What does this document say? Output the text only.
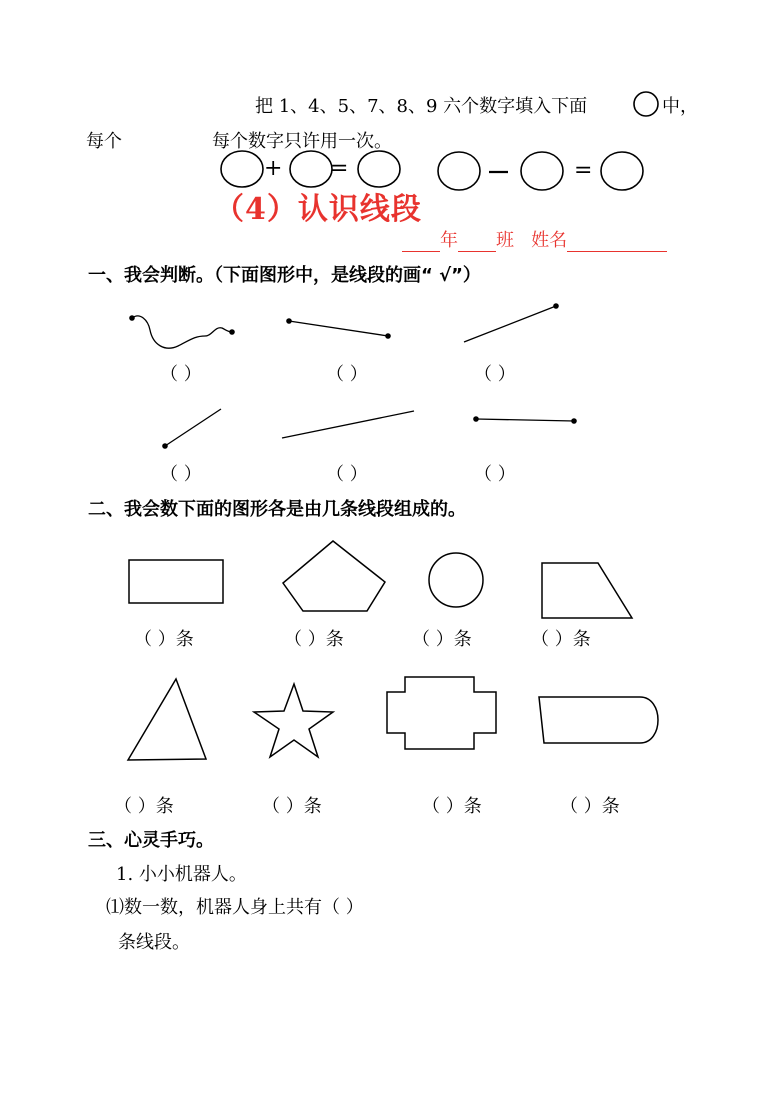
把 1、4、5、7、8、9 六个数字填入下面	中，
每个	每个数字只许用一次。
+ =	=
（4）认识线段
年 班 姓名
一、我会判断。（下面图形中，是线段的画“ √”）
（ ）	（ ）	（ ）
（ ）	（ ）	（ ）
二、我会数下面的图形各是由几条线段组成的。
（ ）条	（ ）条	（ ）条	（ ）条
（ ）条	（ ）条	（ ）条	（ ）条
三、心灵手巧。
1. 小小机器人。
⑴数一数，机器人身上共有（ ）
条线段。
